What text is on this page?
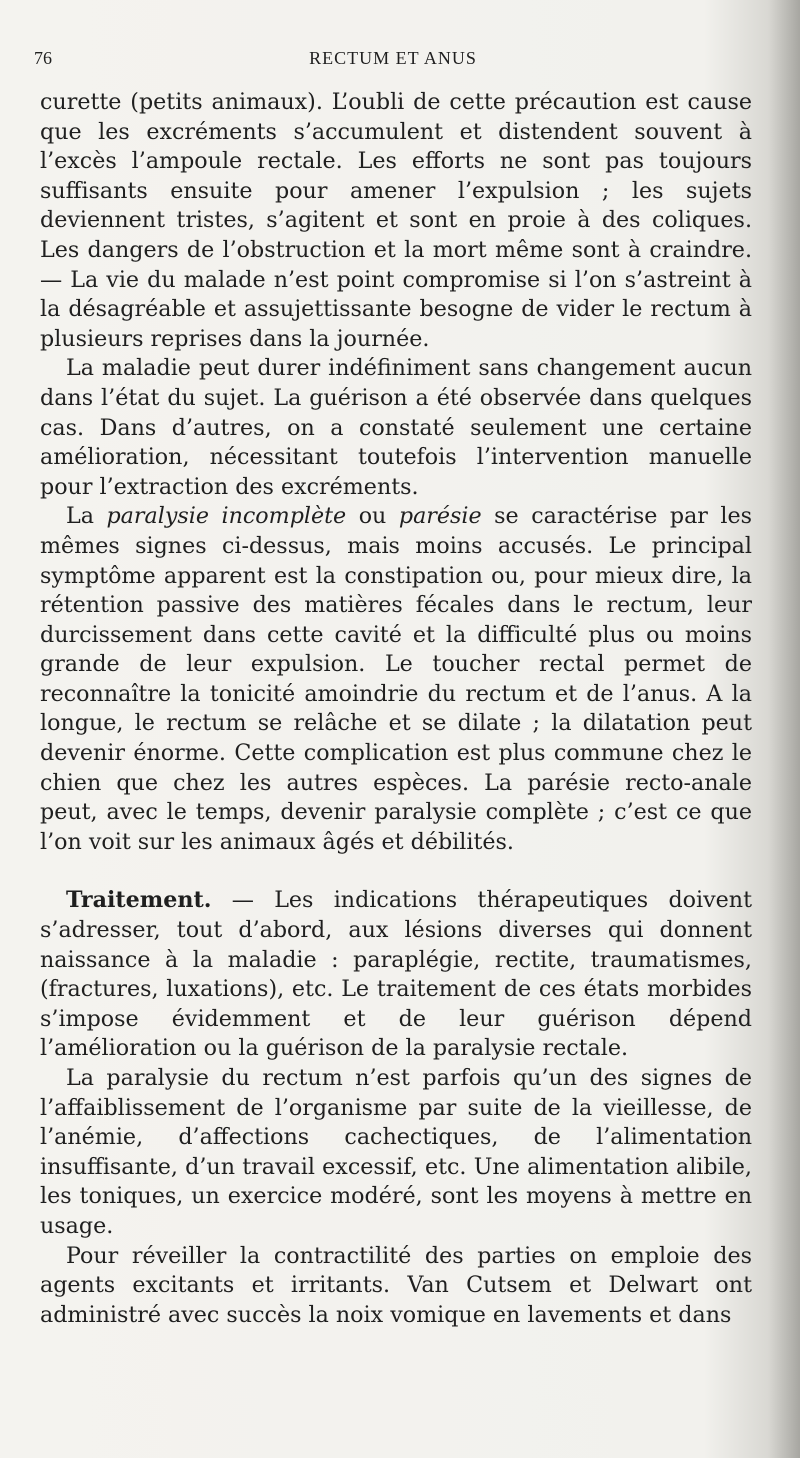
76	RECTUM ET ANUS

curette (petits animaux). L’oubli de cette précaution est cause que les excréments s’accumulent et distendent souvent à l’excès l’ampoule rectale. Les efforts ne sont pas toujours suffisants ensuite pour amener l’expulsion ; les sujets deviennent tristes, s’agitent et sont en proie à des coliques. Les dangers de l’obstruction et la mort même sont à craindre. — La vie du malade n’est point compromise si l’on s’astreint à la désagréable et assujettissante besogne de vider le rectum à plusieurs reprises dans la journée.

La maladie peut durer indéfiniment sans changement aucun dans l’état du sujet. La guérison a été observée dans quelques cas. Dans d’autres, on a constaté seulement une certaine amélioration, nécessitant toutefois l’intervention manuelle pour l’extraction des excréments.

La paralysie incomplète ou parésie se caractérise par les mêmes signes ci-dessus, mais moins accusés. Le principal symptôme apparent est la constipation ou, pour mieux dire, la rétention passive des matières fécales dans le rectum, leur durcissement dans cette cavité et la difficulté plus ou moins grande de leur expulsion. Le toucher rectal permet de reconnaître la tonicité amoindrie du rectum et de l’anus. A la longue, le rectum se relâche et se dilate ; la dilatation peut devenir énorme. Cette complication est plus commune chez le chien que chez les autres espèces. La parésie recto-anale peut, avec le temps, devenir paralysie complète ; c’est ce que l’on voit sur les animaux âgés et débilités.

Traitement. — Les indications thérapeutiques doivent s’adresser, tout d’abord, aux lésions diverses qui donnent naissance à la maladie : paraplégie, rectite, traumatismes, (fractures, luxations), etc. Le traitement de ces états morbides s’impose évidemment et de leur guérison dépend l’amélioration ou la guérison de la paralysie rectale.

La paralysie du rectum n’est parfois qu’un des signes de l’affaiblissement de l’organisme par suite de la vieillesse, de l’anémie, d’affections cachectiques, de l’alimentation insuffisante, d’un travail excessif, etc. Une alimentation alibile, les toniques, un exercice modéré, sont les moyens à mettre en usage.

Pour réveiller la contractilité des parties on emploie des agents excitants et irritants. Van Cutsem et Delwart ont administré avec succès la noix vomique en lavements et dans
